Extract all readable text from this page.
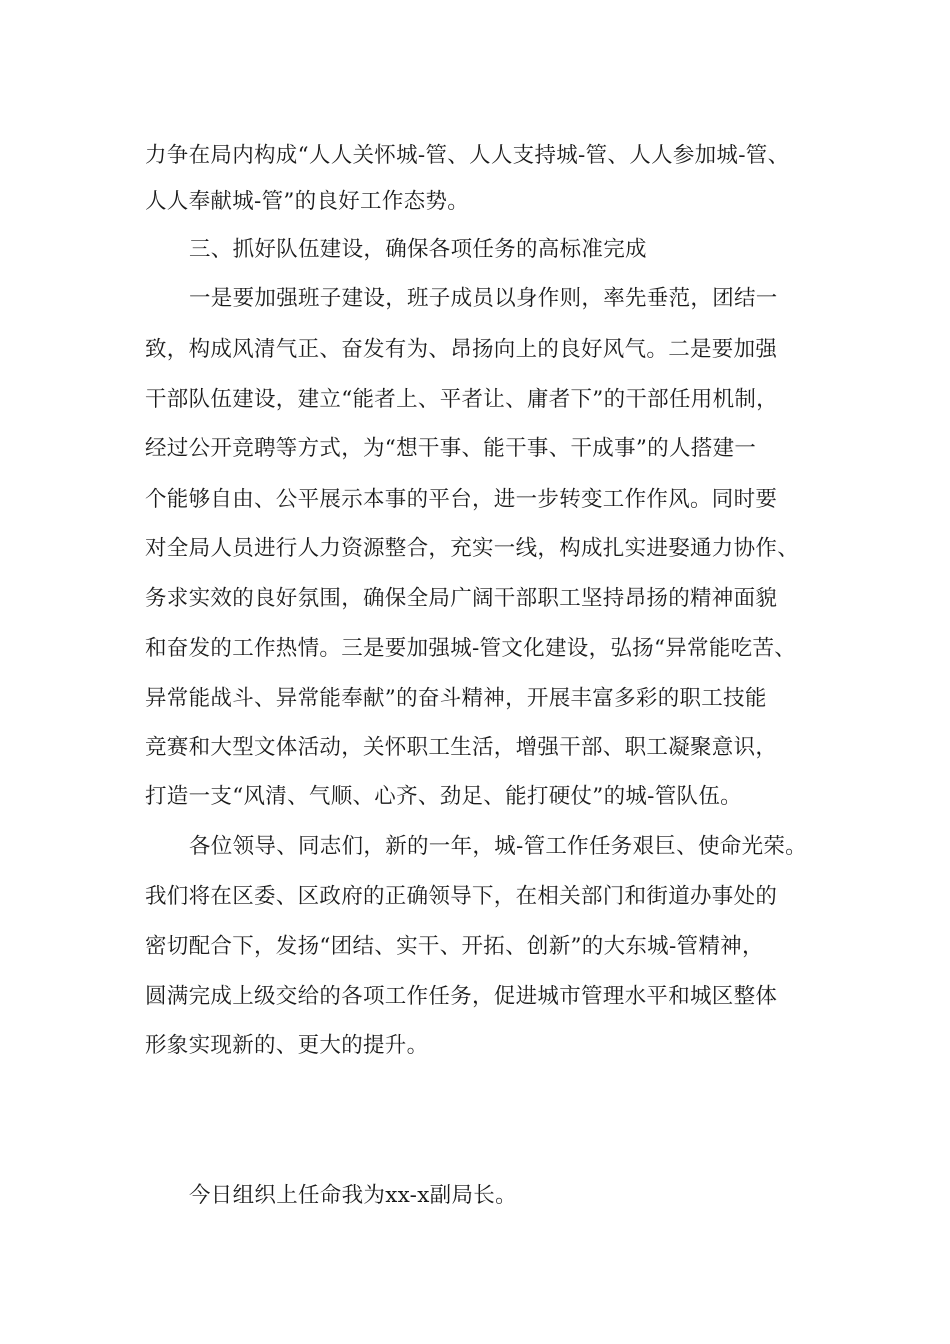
力争在局内构成“人人关怀城-管、人人支持城-管、人人参加城-管、
人人奉献城-管”的良好工作态势。
三、抓好队伍建设，确保各项任务的高标准完成
一是要加强班子建设，班子成员以身作则，率先垂范，团结一
致，构成风清气正、奋发有为、昂扬向上的良好风气。二是要加强
干部队伍建设，建立“能者上、平者让、庸者下”的干部任用机制，
经过公开竞聘等方式，为“想干事、能干事、干成事”的人搭建一
个能够自由、公平展示本事的平台，进一步转变工作作风。同时要
对全局人员进行人力资源整合，充实一线，构成扎实进娶通力协作、
务求实效的良好氛围，确保全局广阔干部职工坚持昂扬的精神面貌
和奋发的工作热情。三是要加强城-管文化建设，弘扬“异常能吃苦、
异常能战斗、异常能奉献”的奋斗精神，开展丰富多彩的职工技能
竞赛和大型文体活动，关怀职工生活，增强干部、职工凝聚意识，
打造一支“风清、气顺、心齐、劲足、能打硬仗”的城-管队伍。
各位领导、同志们，新的一年，城-管工作任务艰巨、使命光荣。
我们将在区委、区政府的正确领导下，在相关部门和街道办事处的
密切配合下，发扬“团结、实干、开拓、创新”的大东城-管精神，
圆满完成上级交给的各项工作任务，促进城市管理水平和城区整体
形象实现新的、更大的提升。
今日组织上任命我为xx-x副局长。
